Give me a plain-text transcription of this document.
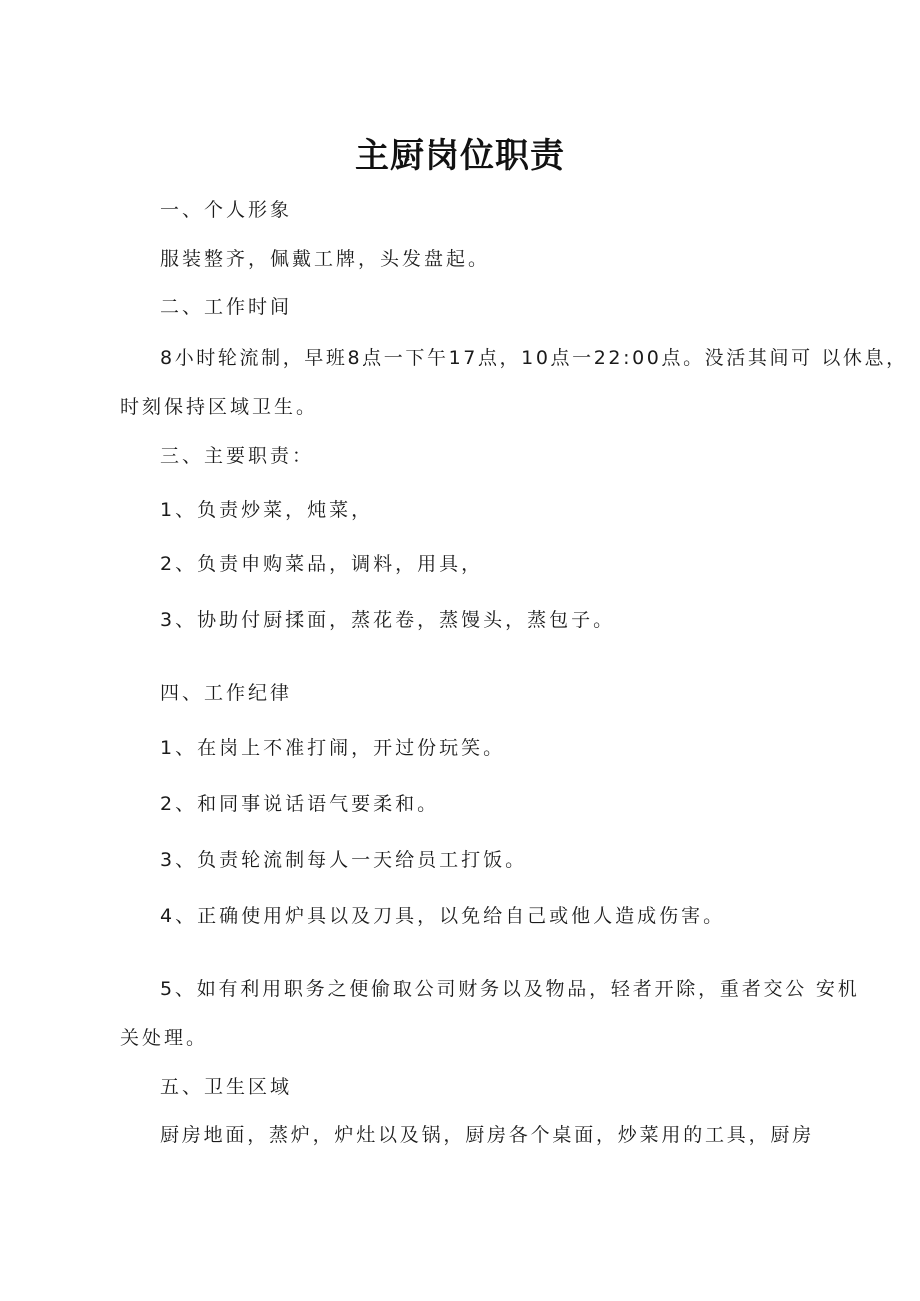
主厨岗位职责
一、个人形象
服装整齐，佩戴工牌，头发盘起。
二、工作时间
8小时轮流制，早班8点一下午17点，10点一22:00点。没活其间可 以休息，
时刻保持区域卫生。
三、主要职责：
1、负责炒菜，炖菜，
2、负责申购菜品，调料，用具，
3、协助付厨揉面，蒸花卷，蒸馒头，蒸包子。
四、工作纪律
1、在岗上不准打闹，开过份玩笑。
2、和同事说话语气要柔和。
3、负责轮流制每人一天给员工打饭。
4、正确使用炉具以及刀具，以免给自己或他人造成伤害。
5、如有利用职务之便偷取公司财务以及物品，轻者开除，重者交公 安机
关处理。
五、卫生区域
厨房地面，蒸炉，炉灶以及锅，厨房各个桌面，炒菜用的工具，厨房
